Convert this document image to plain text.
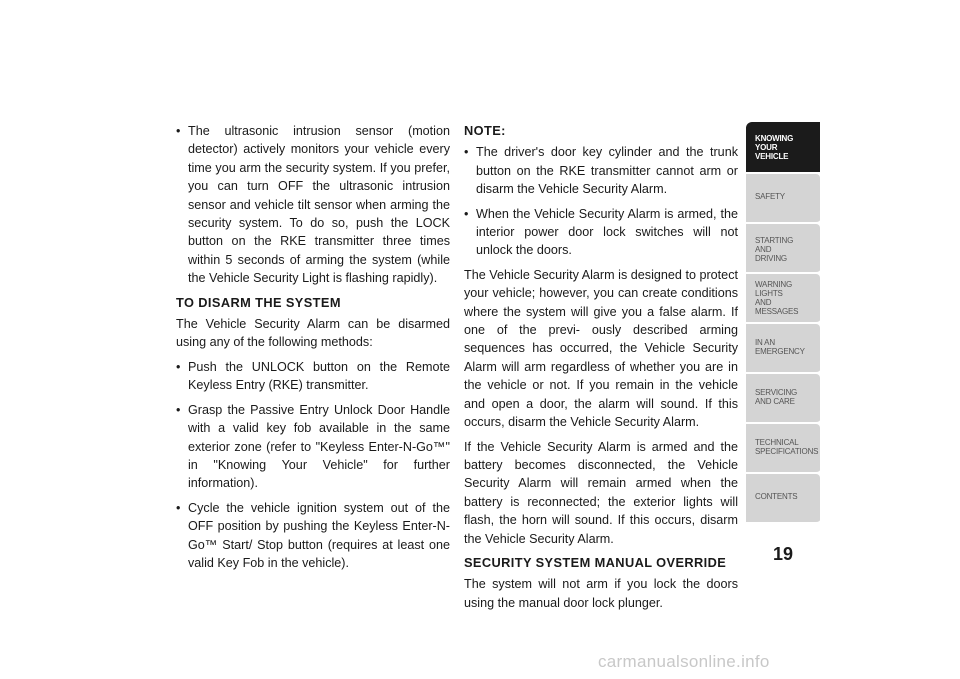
• The ultrasonic intrusion sensor (motion detector) actively monitors your vehicle every time you arm the security system. If you prefer, you can turn OFF the ultrasonic intrusion sensor and vehicle tilt sensor when arming the security system. To do so, push the LOCK button on the RKE transmitter three times within 5 seconds of arming the system (while the Vehicle Security Light is flashing rapidly).
TO DISARM THE SYSTEM

The Vehicle Security Alarm can be disarmed using any of the following methods:

• Push the UNLOCK button on the Remote Keyless Entry (RKE) transmitter.
• Grasp the Passive Entry Unlock Door Handle with a valid key fob available in the same exterior zone (refer to "Keyless Enter-N-Go™" in "Knowing Your Vehicle" for further information).
• Cycle the vehicle ignition system out of the OFF position by pushing the Keyless Enter-N-Go™ Start/ Stop button (requires at least one valid Key Fob in the vehicle).
NOTE:
• The driver's door key cylinder and the trunk button on the RKE transmitter cannot arm or disarm the Vehicle Security Alarm.
• When the Vehicle Security Alarm is armed, the interior power door lock switches will not unlock the doors.

The Vehicle Security Alarm is designed to protect your vehicle; however, you can create conditions where the system will give you a false alarm. If one of the previ- ously described arming sequences has occurred, the Vehicle Security Alarm will arm regardless of whether you are in the vehicle or not. If you remain in the vehicle and open a door, the alarm will sound. If this occurs, disarm the Vehicle Security Alarm.

If the Vehicle Security Alarm is armed and the battery becomes disconnected, the Vehicle Security Alarm will remain armed when the battery is reconnected; the exterior lights will flash, the horn will sound. If this occurs, disarm the Vehicle Security Alarm.

SECURITY SYSTEM MANUAL OVERRIDE

The system will not arm if you lock the doors using the manual door lock plunger.

KNOWING
YOUR
VEHICLE
SAFETY
STARTING
AND
DRIVING
WARNING
LIGHTS
AND
MESSAGES
IN AN
EMERGENCY
SERVICING
AND CARE
TECHNICAL
SPECIFICATIONS
CONTENTS
19
carmanualsonline.info
